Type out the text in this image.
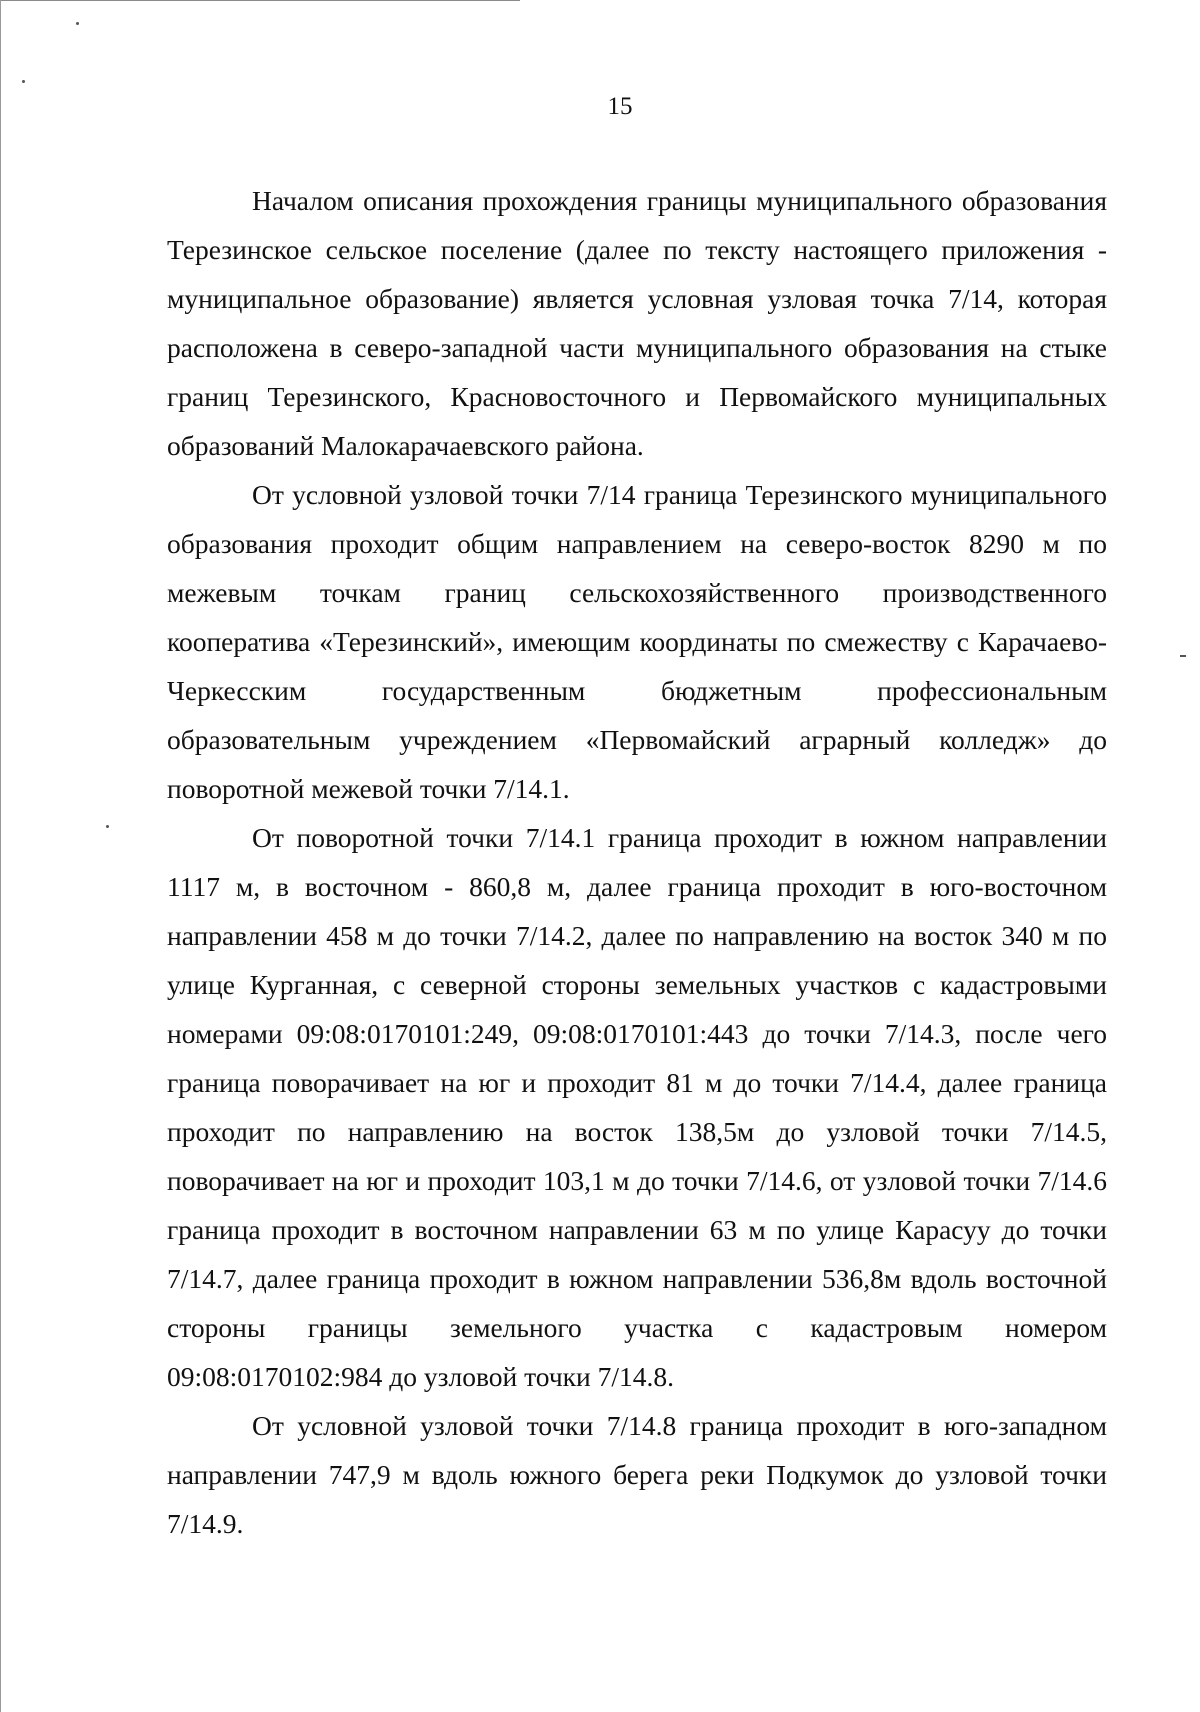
15

Началом описания прохождения границы муниципального образования Терезинское сельское поселение (далее по тексту настоящего приложения - муниципальное образование) является условная узловая точка 7/14, которая расположена в северо-западной части муниципального образования на стыке границ Терезинского, Красновосточного и Первомайского муниципальных образований Малокарачаевского района.

От условной узловой точки 7/14 граница Терезинского муниципального образования проходит общим направлением на северо-восток 8290 м по межевым точкам границ сельскохозяйственного производственного кооператива «Терезинский», имеющим координаты по смежеству с Карачаево-Черкесским государственным бюджетным профессиональным образовательным учреждением «Первомайский аграрный колледж» до поворотной межевой точки 7/14.1.

От поворотной точки 7/14.1 граница проходит в южном направлении 1117 м, в восточном - 860,8 м, далее граница проходит в юго-восточном направлении 458 м до точки 7/14.2, далее по направлению на восток 340 м по улице Курганная, с северной стороны земельных участков с кадастровыми номерами 09:08:0170101:249, 09:08:0170101:443 до точки 7/14.3, после чего граница поворачивает на юг и проходит 81 м до точки 7/14.4, далее граница проходит по направлению на восток 138,5м до узловой точки 7/14.5, поворачивает на юг и проходит 103,1 м до точки 7/14.6, от узловой точки 7/14.6 граница проходит в восточном направлении 63 м по улице Карасуу до точки 7/14.7, далее граница проходит в южном направлении 536,8м вдоль восточной стороны границы земельного участка с кадастровым номером 09:08:0170102:984 до узловой точки 7/14.8.

От условной узловой точки 7/14.8 граница проходит в юго-западном направлении 747,9 м вдоль южного берега реки Подкумок до узловой точки 7/14.9.
